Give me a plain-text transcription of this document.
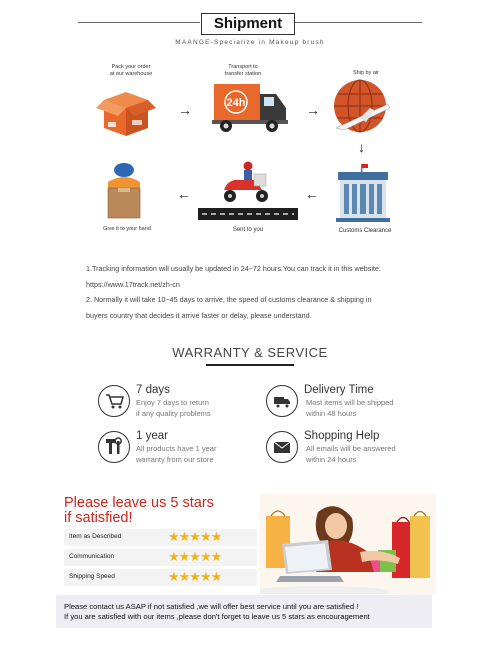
Shipment
MAANGE-Specialize in Makeup brush
Pack your order
at our warehouse
→
Transport to
transfer station
24h	→
Ship by air
↓
Customs Clearance
←
Sent to you
←
Give it to your hand
1.Tracking information will usually be updated in 24~72 hours.You can track it in this website:
https://www.17track.net/zh-cn
2. Normally it will take 10~45 days to arrive, the speed of customs clearance & shipping in
buyers country that decides it arrive faster or delay, please understand.
WARRANTY & SERVICE
7 days
Enjoy 7 days to return
if any quality problems
Delivery Time
Most items will be shipped
within 48 hours
1 year
All products have 1 year
warranty from our store
Shopping Help
All emails will be answered
within 24 hours
Please leave us 5 stars
if satisfied!
Item as Described	★★★★★
Communication	★★★★★
Shipping Speed	★★★★★
Please contact us ASAP if not satisfied ,we will offer best service until you are satisfied !
If you are satisfied with our items ,please don't forget to leave us 5 stars as encouragement
